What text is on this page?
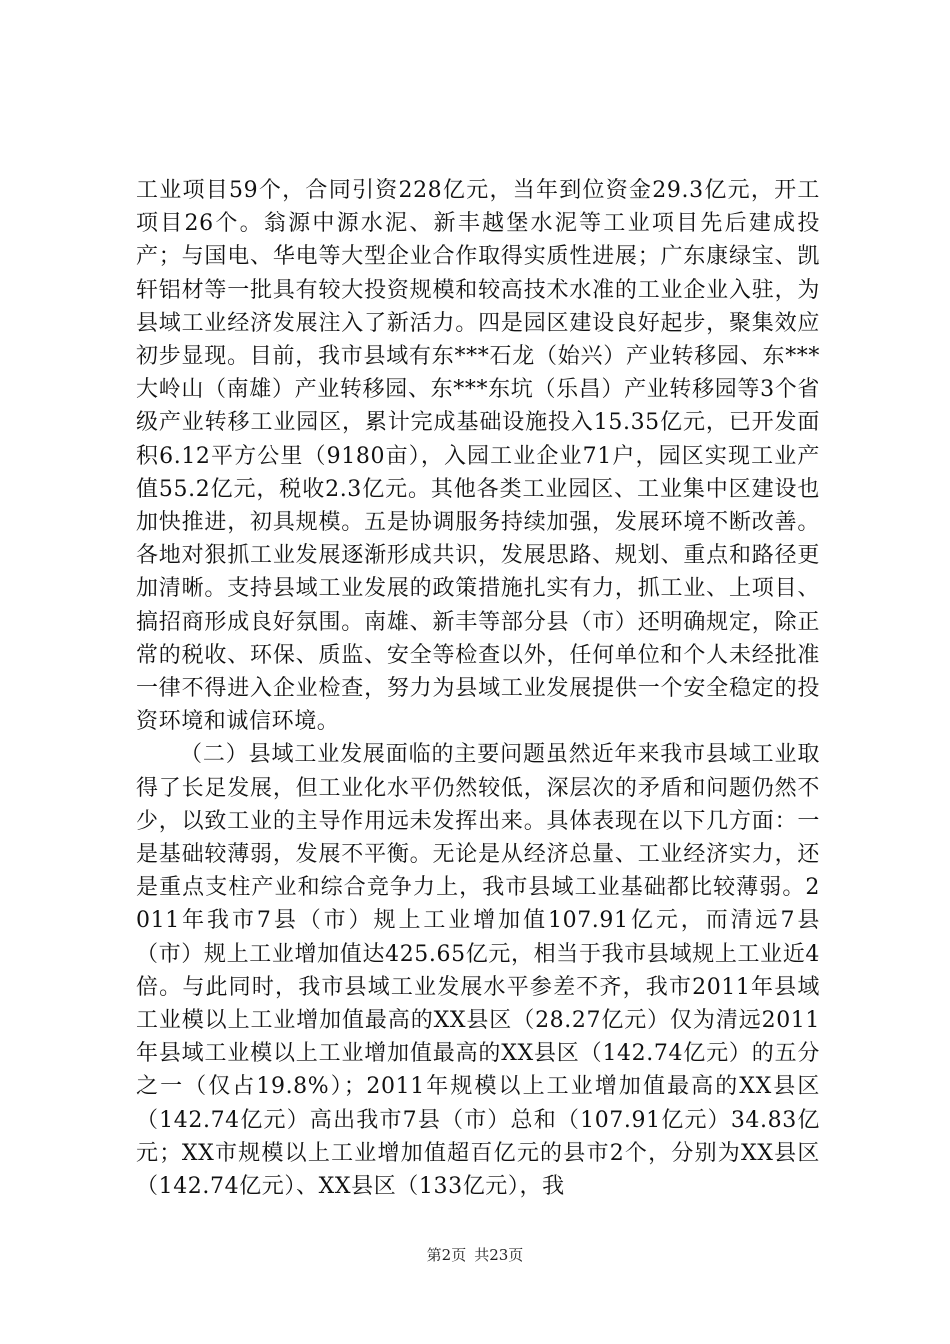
工业项目59个，合同引资228亿元，当年到位资金29.3亿元，开工项目26个。翁源中源水泥、新丰越堡水泥等工业项目先后建成投产；与国电、华电等大型企业合作取得实质性进展；广东康绿宝、凯轩铝材等一批具有较大投资规模和较高技术水准的工业企业入驻，为县域工业经济发展注入了新活力。四是园区建设良好起步，聚集效应初步显现。目前，我市县域有东***石龙（始兴）产业转移园、东***大岭山（南雄）产业转移园、东***东坑（乐昌）产业转移园等3个省级产业转移工业园区，累计完成基础设施投入15.35亿元，已开发面积6.12平方公里（9180亩），入园工业企业71户，园区实现工业产值55.2亿元，税收2.3亿元。其他各类工业园区、工业集中区建设也加快推进，初具规模。五是协调服务持续加强，发展环境不断改善。各地对狠抓工业发展逐渐形成共识，发展思路、规划、重点和路径更加清晰。支持县域工业发展的政策措施扎实有力，抓工业、上项目、搞招商形成良好氛围。南雄、新丰等部分县（市）还明确规定，除正常的税收、环保、质监、安全等检查以外，任何单位和个人未经批准一律不得进入企业检查，努力为县域工业发展提供一个安全稳定的投资环境和诚信环境。

（二）县域工业发展面临的主要问题虽然近年来我市县域工业取得了长足发展，但工业化水平仍然较低，深层次的矛盾和问题仍然不少，以致工业的主导作用远未发挥出来。具体表现在以下几方面：一是基础较薄弱，发展不平衡。无论是从经济总量、工业经济实力，还是重点支柱产业和综合竞争力上，我市县域工业基础都比较薄弱。2011年我市7县（市）规上工业增加值107.91亿元，而清远7县（市）规上工业增加值达425.65亿元，相当于我市县域规上工业近4倍。与此同时，我市县域工业发展水平参差不齐，我市2011年县域工业模以上工业增加值最高的XX县区（28.27亿元）仅为清远2011年县域工业模以上工业增加值最高的XX县区（142.74亿元）的五分之一（仅占19.8%）；2011年规模以上工业增加值最高的XX县区（142.74亿元）高出我市7县（市）总和（107.91亿元）34.83亿元；XX市规模以上工业增加值超百亿元的县市2个，分别为XX县区（142.74亿元）、XX县区（133亿元），我

第2页 共23页
